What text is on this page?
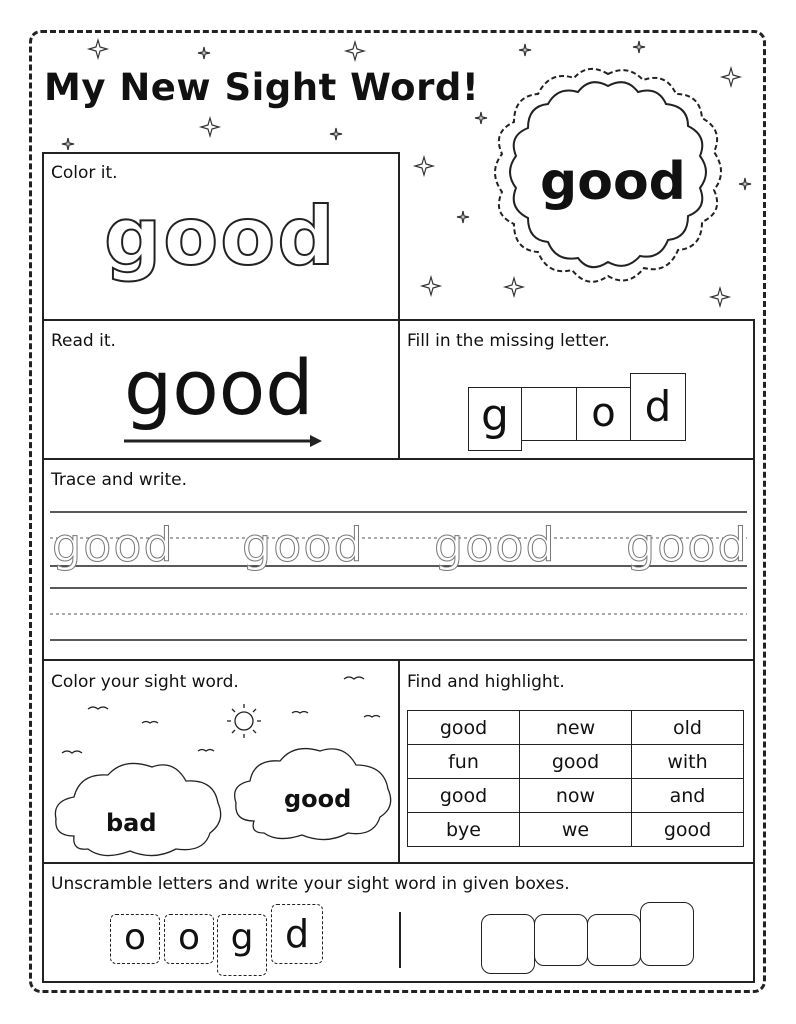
My New Sight Word!
good
Color it.
good
Read it.
good
Fill in the missing letter.
g	o d
Trace and write.
good good good good
Color your sight word.
bad
good
Find and highlight.
good	new	old
fun	good	with
good	now	and
bye	we	good
Unscramble letters and write your sight word in given boxes.
o o g d
